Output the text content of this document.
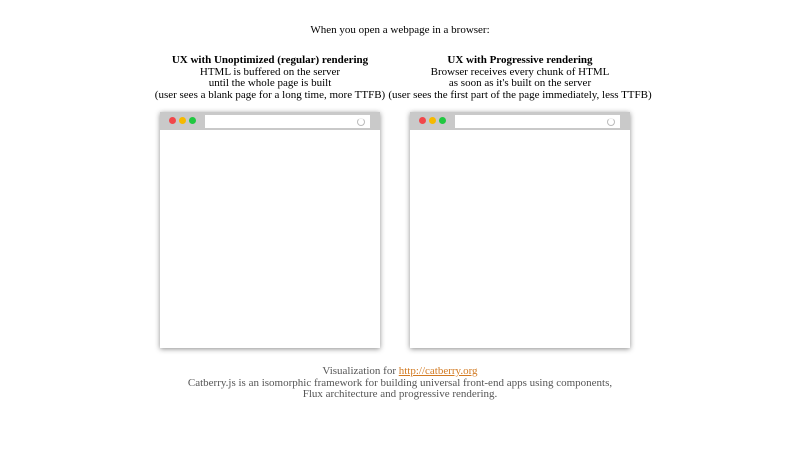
When you open a webpage in a browser:
UX with Unoptimized (regular) rendering
HTML is buffered on the server
until the whole page is built
(user sees a blank page for a long time, more TTFB)
UX with Progressive rendering
Browser receives every chunk of HTML
as soon as it's built on the server
(user sees the first part of the page immediately, less TTFB)
Visualization for http://catberry.org
Catberry.js is an isomorphic framework for building universal front-end apps using components,
Flux architecture and progressive rendering.
